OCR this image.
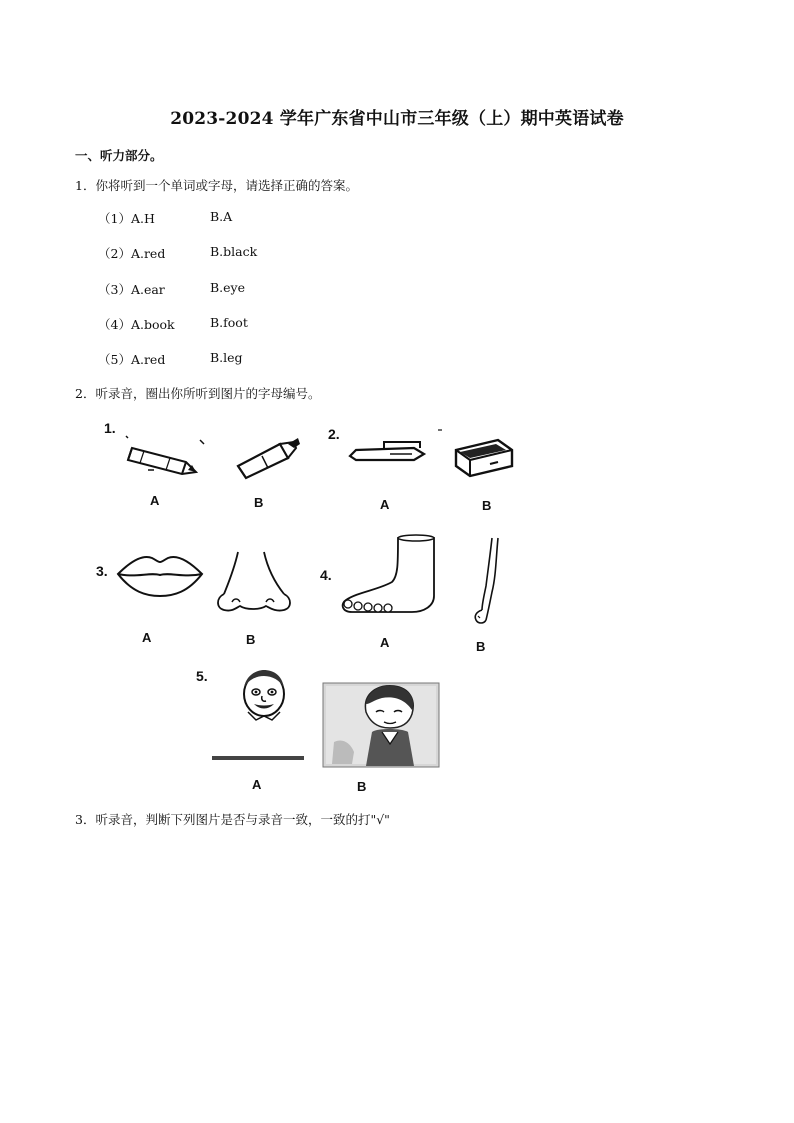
2023-2024 学年广东省中山市三年级（上）期中英语试卷
一、听力部分。
1．你将听到一个单词或字母，请选择正确的答案。
（1）A.H	B.A
（2）A.red	B.black
（3）A.ear	B.eye
（4）A.book	B.foot
（5）A.red	B.leg
2．听录音，圈出你所听到图片的字母编号。
1.
A	B
2.
A	B
3.
A	B
4.
A	B
5.
A	B
3．听录音，判断下列图片是否与录音一致，一致的打"√"
